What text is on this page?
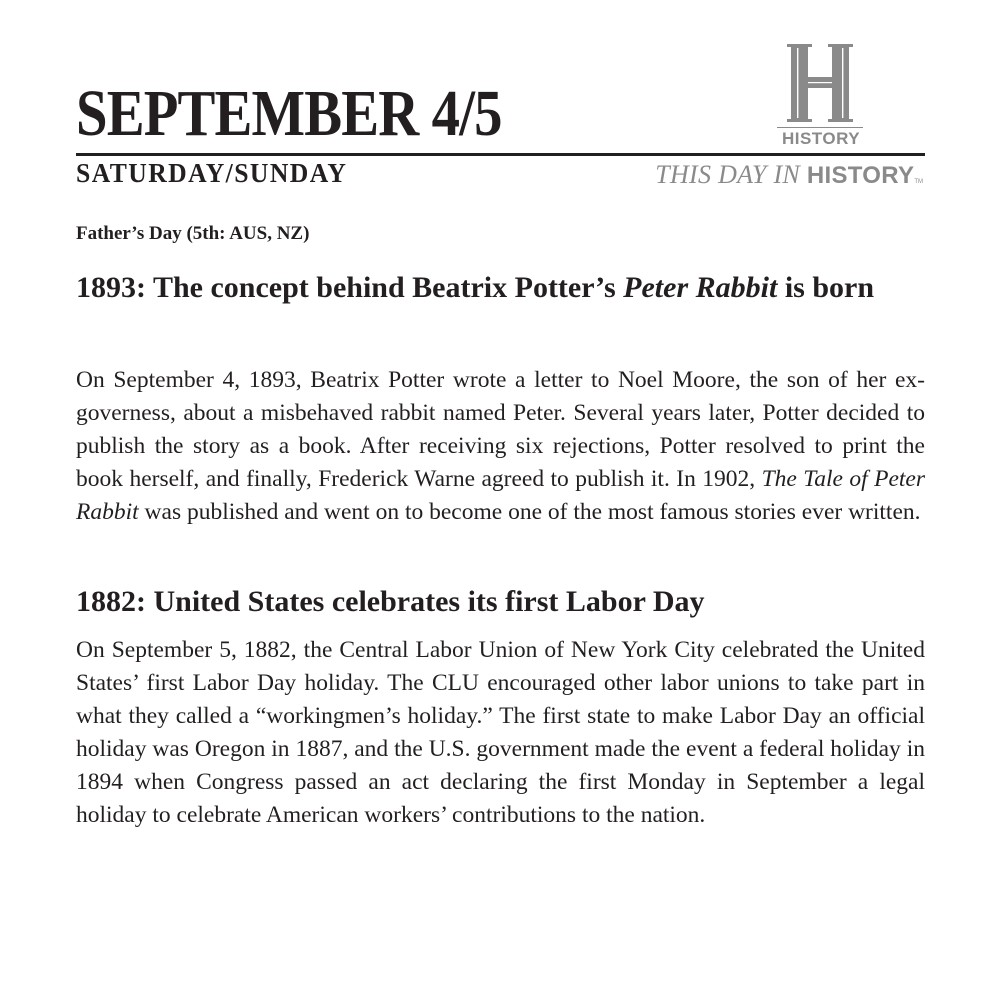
SEPTEMBER 4/5	HISTORY
SATURDAY/SUNDAY	THIS DAY IN HISTORYTM
Father’s Day (5th: AUS, NZ)
1893: The concept behind Beatrix Potter’s Peter Rabbit is born
On September 4, 1893, Beatrix Potter wrote a letter to Noel Moore, the son of her ex-governess, about a misbehaved rabbit named Peter. Several years later, Potter decided to publish the story as a book. After receiving six rejections, Potter resolved to print the book herself, and finally, Frederick Warne agreed to publish it. In 1902, The Tale of Peter Rabbit was published and went on to become one of the most famous stories ever written.
1882: United States celebrates its first Labor Day
On September 5, 1882, the Central Labor Union of New York City celebrated the United States’ first Labor Day holiday. The CLU encouraged other labor unions to take part in what they called a “workingmen’s holiday.” The first state to make Labor Day an official holiday was Oregon in 1887, and the U.S. government made the event a federal holiday in 1894 when Congress passed an act declaring the first Monday in September a legal holiday to celebrate American workers’ contributions to the nation.
